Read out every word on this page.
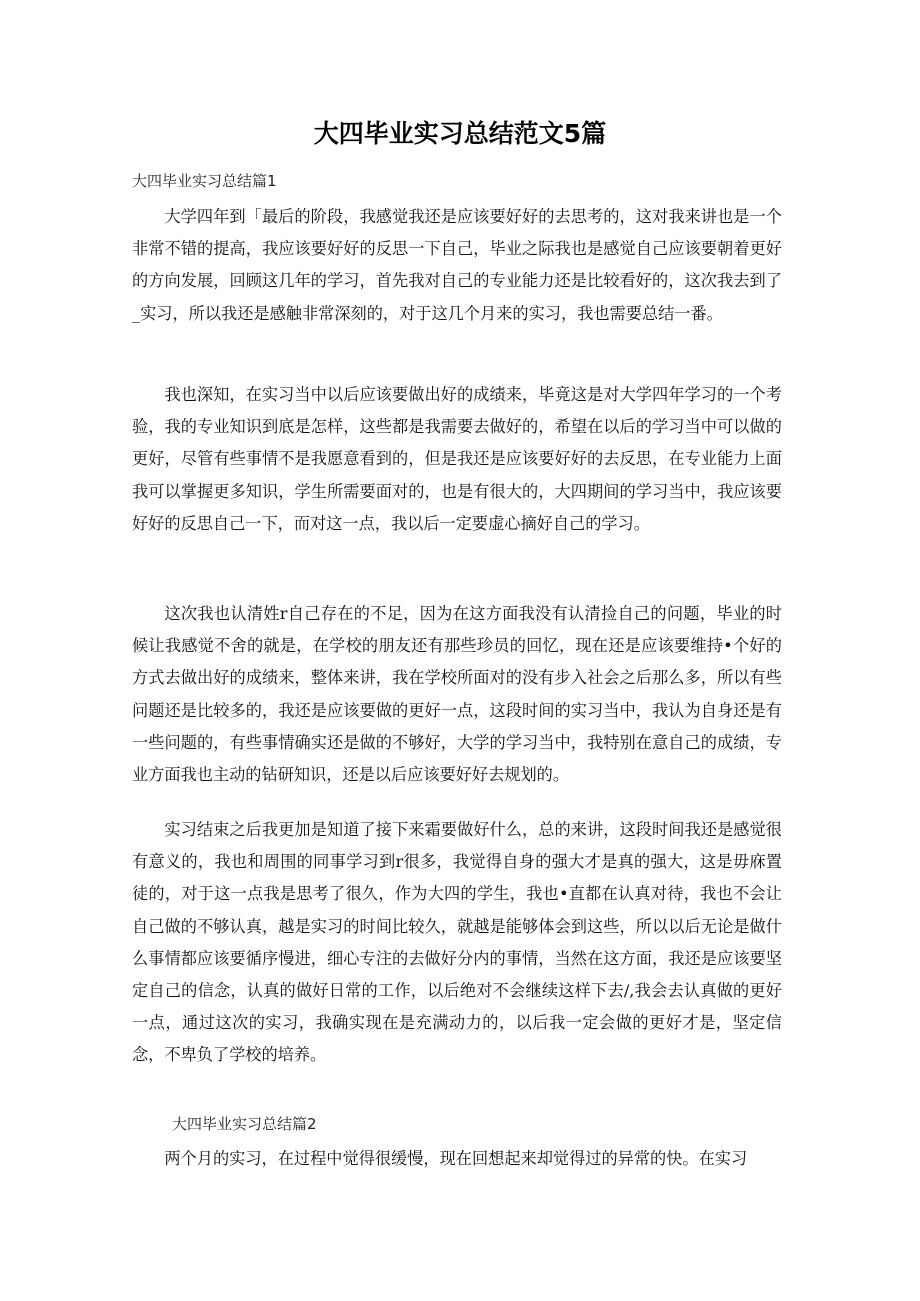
大四毕业实习总结范文5篇
大四毕业实习总结篇1

大学四年到「最后的阶段，我感觉我还是应该要好好的去思考的，这对我来讲也是一个非常不错的提高，我应该要好好的反思一下自己，毕业之际我也是感觉自己应该要朝着更好的方向发展，回顾这几年的学习，首先我对自己的专业能力还是比较看好的，这次我去到了_实习，所以我还是感触非常深刻的，对于这几个月来的实习，我也需要总结一番。

我也深知，在实习当中以后应该要做出好的成绩来，毕竟这是对大学四年学习的一个考验，我的专业知识到底是怎样，这些都是我需要去做好的，希望在以后的学习当中可以做的更好，尽管有些事情不是我愿意看到的，但是我还是应该要好好的去反思，在专业能力上面我可以掌握更多知识，学生所需要面对的，也是有很大的，大四期间的学习当中，我应该要好好的反思自己一下，而对这一点，我以后一定要虚心摘好自己的学习。

这次我也认清姓r自己存在的不足，因为在这方面我没有认清捡自己的问题，毕业的时候让我感觉不舍的就是，在学校的朋友还有那些珍员的回忆，现在还是应该要维持•个好的方式去做出好的成绩来，整体来讲，我在学校所面对的没有步入社会之后那么多，所以有些问题还是比较多的，我还是应该要做的更好一点，这段时间的实习当中，我认为自身还是有一些问题的，有些事情确实还是做的不够好，大学的学习当中，我特别在意自己的成绩，专业方面我也主动的钻研知识，还是以后应该要好好去规划的。

实习结束之后我更加是知道了接下来霜要做好什么，总的来讲，这段时间我还是感觉很有意义的，我也和周围的同事学习到r很多，我觉得自身的强大才是真的强大，这是毋庥置徒的，对于这一点我是思考了很久，作为大四的学生，我也•直都在认真对待，我也不会让自己做的不够认真，越是实习的时间比较久，就越是能够体会到这些，所以以后无论是做什么事情都应该要循序慢进，细心专注的去做好分内的事情，当然在这方面，我还是应该要坚定自己的信念，认真的做好日常的工作，以后绝对不会继续这样下去/,我会去认真做的更好一点，通过这次的实习，我确实现在是充满动力的，以后我一定会做的更好才是，坚定信念，不卑负了学校的培养。

大四毕业实习总结篇2

两个月的实习，在过程中觉得很缓慢，现在回想起来却觉得过的异常的快。在实习
